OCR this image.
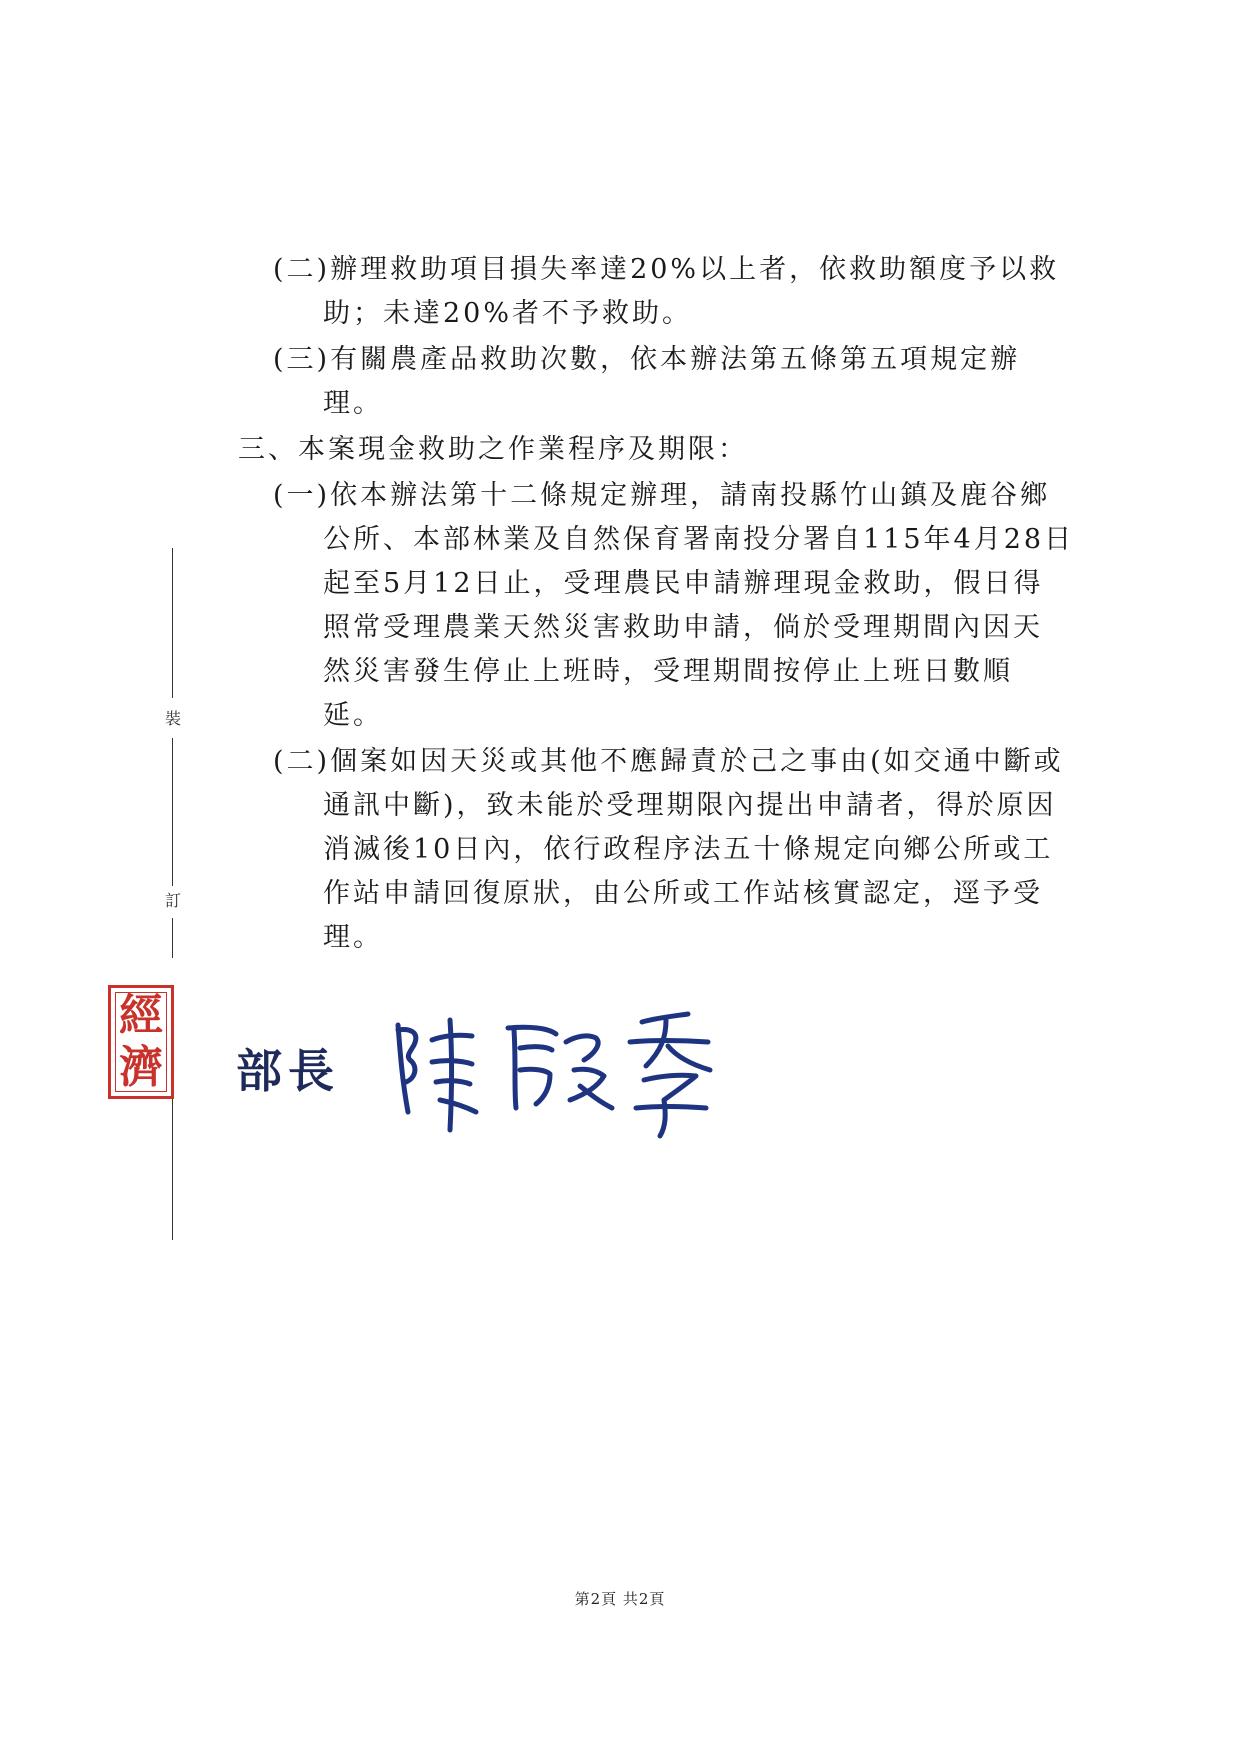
裝
訂
(二)辦理救助項目損失率達20%以上者，依救助額度予以救
助；未達20%者不予救助。
(三)有關農產品救助次數，依本辦法第五條第五項規定辦
理。
三、本案現金救助之作業程序及期限：
(一)依本辦法第十二條規定辦理，請南投縣竹山鎮及鹿谷鄉
公所、本部林業及自然保育署南投分署自115年4月28日
起至5月12日止，受理農民申請辦理現金救助，假日得
照常受理農業天然災害救助申請，倘於受理期間內因天
然災害發生停止上班時，受理期間按停止上班日數順
延。
(二)個案如因天災或其他不應歸責於己之事由(如交通中斷或
通訊中斷)，致未能於受理期限內提出申請者，得於原因
消滅後10日內，依行政程序法五十條規定向鄉公所或工
作站申請回復原狀，由公所或工作站核實認定，逕予受
理。
經
濟 部長
第2頁 共2頁
